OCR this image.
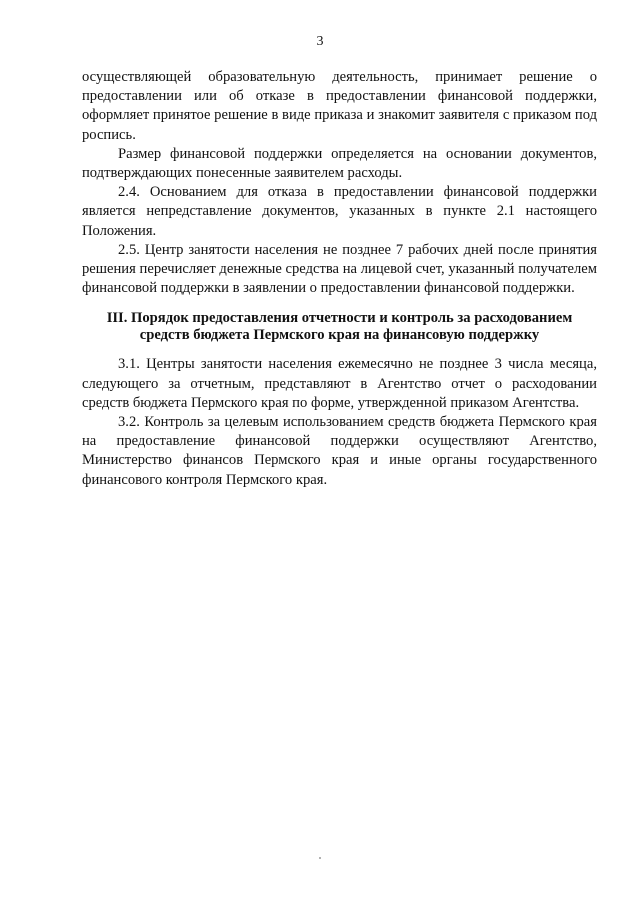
3

осуществляющей образовательную деятельность, принимает решение о предоставлении или об отказе в предоставлении финансовой поддержки, оформляет принятое решение в виде приказа и знакомит заявителя с приказом под роспись.

Размер финансовой поддержки определяется на основании документов, подтверждающих понесенные заявителем расходы.

2.4. Основанием для отказа в предоставлении финансовой поддержки является непредставление документов, указанных в пункте 2.1 настоящего Положения.

2.5. Центр занятости населения не позднее 7 рабочих дней после принятия решения перечисляет денежные средства на лицевой счет, указанный получателем финансовой поддержки в заявлении о предоставлении финансовой поддержки.

III. Порядок предоставления отчетности и контроль за расходованием средств бюджета Пермского края на финансовую поддержку

3.1. Центры занятости населения ежемесячно не позднее 3 числа месяца, следующего за отчетным, представляют в Агентство отчет о расходовании средств бюджета Пермского края по форме, утвержденной приказом Агентства.

3.2. Контроль за целевым использованием средств бюджета Пермского края на предоставление финансовой поддержки осуществляют Агентство, Министерство финансов Пермского края и иные органы государственного финансового контроля Пермского края.
